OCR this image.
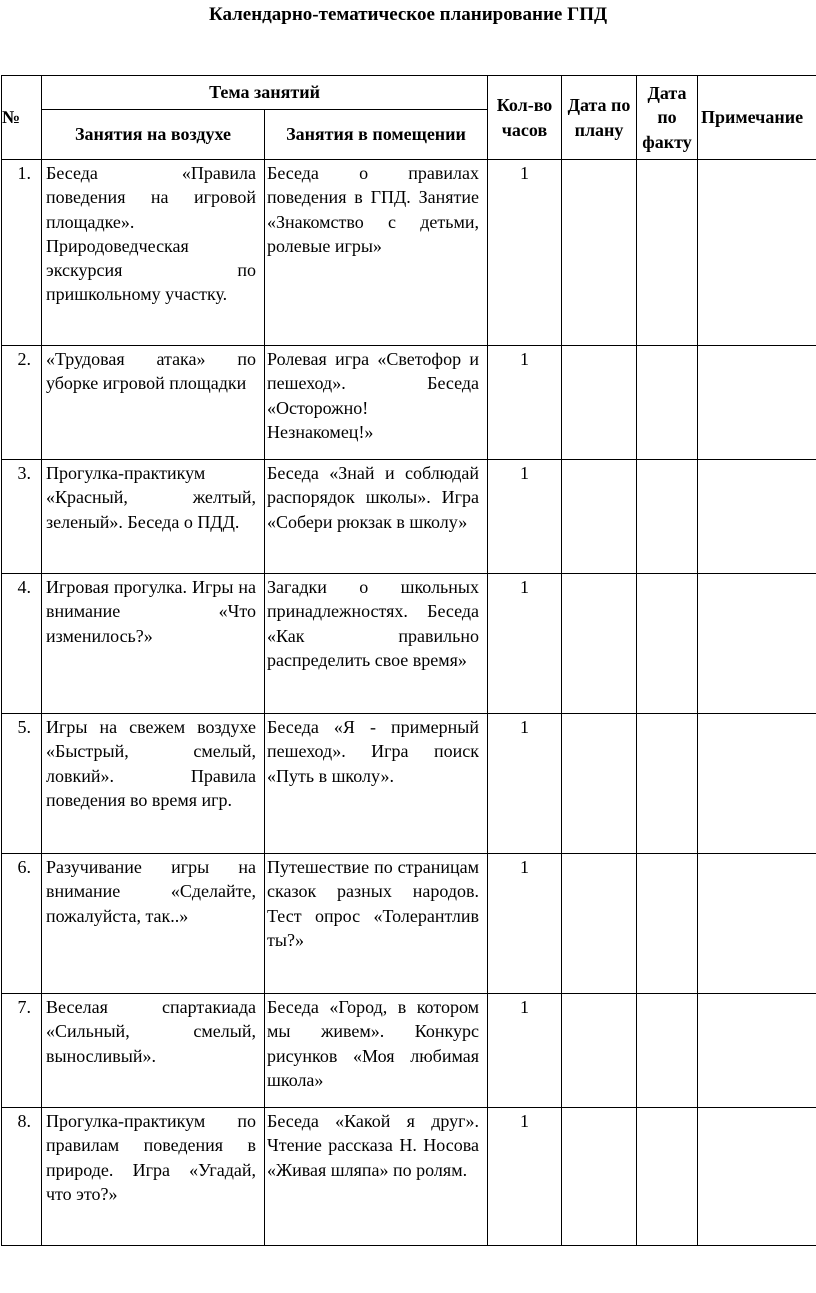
Календарно-тематическое планирование ГПД
№	Тема занятий		Кол-во часов	Дата по плану	Дата по факту	Примечание
	Занятия на воздухе	Занятия в помещении				
1.	Беседа «Правила поведения на игровой площадке». Природоведческая экскурсия по пришкольному участку.	Беседа о правилах поведения в ГПД. Занятие «Знакомство с детьми, ролевые игры»	1			
2.	«Трудовая атака» по уборке игровой площадки	Ролевая игра «Светофор и пешеход». Беседа «Осторожно! Незнакомец!»	1			
3.	Прогулка-практикум «Красный, желтый, зеленый». Беседа о ПДД.	Беседа «Знай и соблюдай распорядок школы». Игра «Собери рюкзак в школу»	1			
4.	Игровая прогулка. Игры на внимание «Что изменилось?»	Загадки о школьных принадлежностях. Беседа «Как правильно распределить свое время»	1			
5.	Игры на свежем воздухе «Быстрый, смелый, ловкий». Правила поведения во время игр.	Беседа «Я - примерный пешеход». Игра поиск «Путь в школу».	1			
6.	Разучивание игры на внимание «Сделайте, пожалуйста, так..»	Путешествие по страницам сказок разных народов. Тест опрос «Толерантлив ты?»	1			
7.	Веселая спартакиада «Сильный, смелый, выносливый».	Беседа «Город, в котором мы живем». Конкурс рисунков «Моя любимая школа»	1			
8.	Прогулка-практикум по правилам поведения в природе. Игра «Угадай, что это?»	Беседа «Какой я друг». Чтение рассказа Н. Носова «Живая шляпа» по ролям.	1			
